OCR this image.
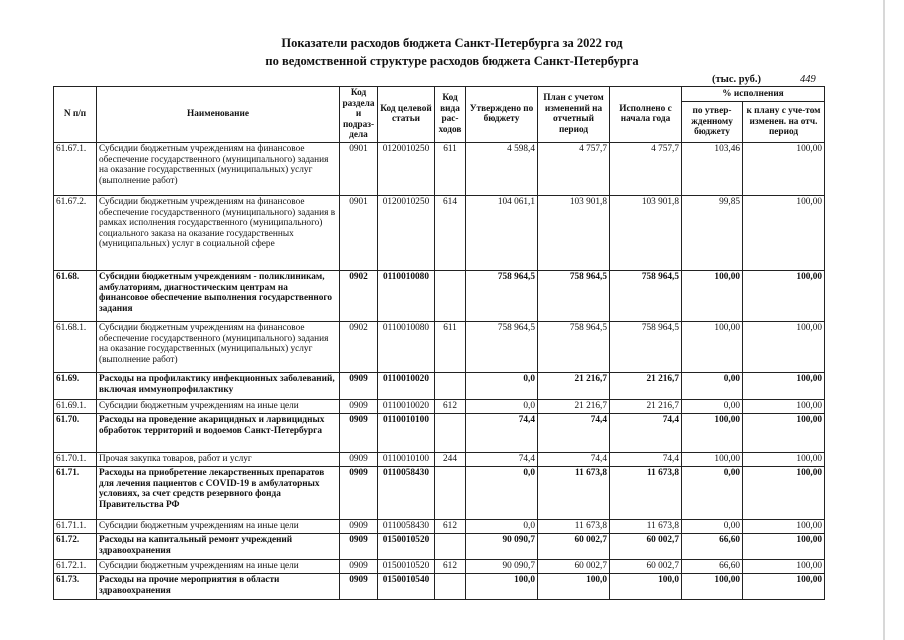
Показатели расходов бюджета Санкт-Петербурга за 2022 год
по ведомственной структуре расходов бюджета Санкт-Петербурга
(тыс. руб.)	449
N п/п	Наименование	Код раздела и подраз-дела	Код целевой статьи	Код вида рас-ходов	Утверждено по бюджету	План с учетом изменений на отчетный период	Исполнено с начала года	% исполнения	
								по утвер-жденному бюджету	к плану с уче-том изменен. на отч. период
61.67.1.	Субсидии бюджетным учреждениям на финансовое обеспечение государственного (муниципального) задания на оказание государственных (муниципальных) услуг (выполнение работ)	0901	0120010250	611	4 598,4	4 757,7	4 757,7	103,46	100,00
61.67.2.	Субсидии бюджетным учреждениям на финансовое обеспечение государственного (муниципального) задания в рамках исполнения государственного (муниципального) социального заказа на оказание государственных (муниципальных) услуг в социальной сфере	0901	0120010250	614	104 061,1	103 901,8	103 901,8	99,85	100,00
61.68.	Субсидии бюджетным учреждениям - поликлиникам, амбулаториям, диагностическим центрам на финансовое обеспечение выполнения государственного задания	0902	0110010080		758 964,5	758 964,5	758 964,5	100,00	100,00
61.68.1.	Субсидии бюджетным учреждениям на финансовое обеспечение государственного (муниципального) задания на оказание государственных (муниципальных) услуг (выполнение работ)	0902	0110010080	611	758 964,5	758 964,5	758 964,5	100,00	100,00
61.69.	Расходы на профилактику инфекционных заболеваний, включая иммунопрофилактику	0909	0110010020		0,0	21 216,7	21 216,7	0,00	100,00
61.69.1.	Субсидии бюджетным учреждениям на иные цели	0909	0110010020	612	0,0	21 216,7	21 216,7	0,00	100,00
61.70.	Расходы на проведение акарицидных и ларвицидных обработок территорий и водоемов Санкт-Петербурга	0909	0110010100		74,4	74,4	74,4	100,00	100,00
61.70.1.	Прочая закупка товаров, работ и услуг	0909	0110010100	244	74,4	74,4	74,4	100,00	100,00
61.71.	Расходы на приобретение лекарственных препаратов для лечения пациентов с COVID-19 в амбулаторных условиях, за счет средств резервного фонда Правительства РФ	0909	0110058430		0,0	11 673,8	11 673,8	0,00	100,00
61.71.1.	Субсидии бюджетным учреждениям на иные цели	0909	0110058430	612	0,0	11 673,8	11 673,8	0,00	100,00
61.72.	Расходы на капитальный ремонт учреждений здравоохранения	0909	0150010520		90 090,7	60 002,7	60 002,7	66,60	100,00
61.72.1.	Субсидии бюджетным учреждениям на иные цели	0909	0150010520	612	90 090,7	60 002,7	60 002,7	66,60	100,00
61.73.	Расходы на прочие мероприятия в области здравоохранения	0909	0150010540		100,0	100,0	100,0	100,00	100,00
